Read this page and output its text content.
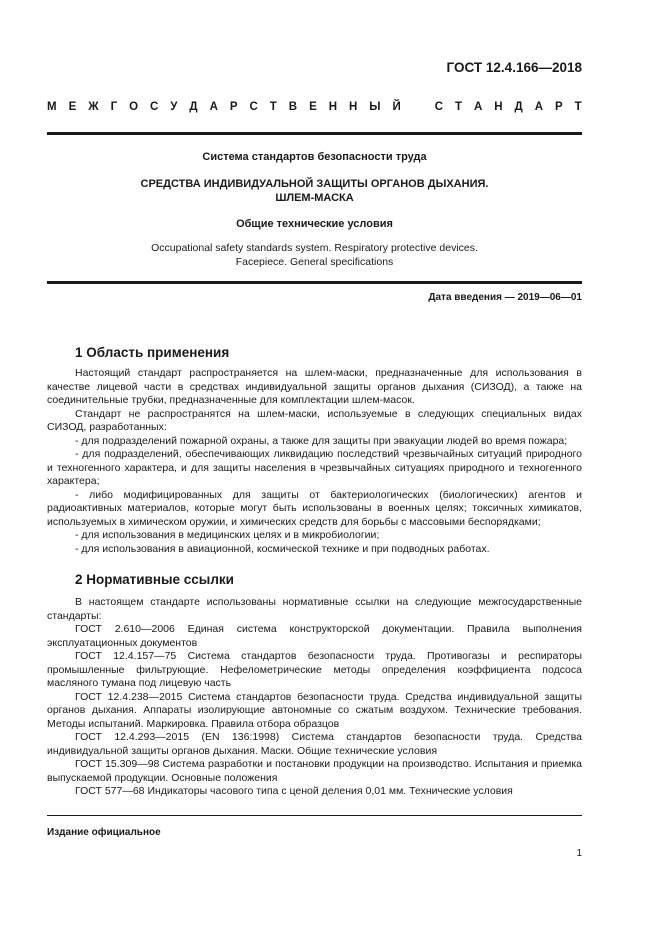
ГОСТ 12.4.166—2018
М Е Ж Г О С У Д А Р С Т В Е Н Н Ы Й	С Т А Н Д А Р Т
Система стандартов безопасности труда
СРЕДСТВА ИНДИВИДУАЛЬНОЙ ЗАЩИТЫ ОРГАНОВ ДЫХАНИЯ.
ШЛЕМ-МАСКА
Общие технические условия
Occupational safety standards system. Respiratory protective devices.
Facepiece. General specifications
Дата введения — 2019—06—01
1 Область применения

Настоящий стандарт распространяется на шлем-маски, предназначенные для использования в качестве лицевой части в средствах индивидуальной защиты органов дыхания (СИЗОД), а также на соединительные трубки, предназначенные для комплектации шлем-масок.

Стандарт не распространятся на шлем-маски, используемые в следующих специальных видах СИЗОД, разработанных:

- для подразделений пожарной охраны, а также для защиты при эвакуации людей во время пожара;

- для подразделений, обеспечивающих ликвидацию последствий чрезвычайных ситуаций природного и техногенного характера, и для защиты населения в чрезвычайных ситуациях природного и техногенного характера;

- либо модифицированных для защиты от бактериологических (биологических) агентов и радиоактивных материалов, которые могут быть использованы в военных целях; токсичных химикатов, используемых в химическом оружии, и химических средств для борьбы с массовыми беспорядками;

- для использования в медицинских целях и в микробиологии;

- для использования в авиационной, космической технике и при подводных работах.

2 Нормативные ссылки

В настоящем стандарте использованы нормативные ссылки на следующие межгосударственные стандарты:

ГОСТ 2.610—2006 Единая система конструкторской документации. Правила выполнения эксплуатационных документов

ГОСТ 12.4.157—75 Система стандартов безопасности труда. Противогазы и респираторы промышленные фильтрующие. Нефелометрические методы определения коэффициента подсоса масляного тумана под лицевую часть

ГОСТ 12.4.238—2015 Система стандартов безопасности труда. Средства индивидуальной защиты органов дыхания. Аппараты изолирующие автономные со сжатым воздухом. Технические требования. Методы испытаний. Маркировка. Правила отбора образцов

ГОСТ 12.4.293—2015 (EN 136:1998) Система стандартов безопасности труда. Средства индивидуальной защиты органов дыхания. Маски. Общие технические условия

ГОСТ 15.309—98 Система разработки и постановки продукции на производство. Испытания и приемка выпускаемой продукции. Основные положения

ГОСТ 577—68 Индикаторы часового типа с ценой деления 0,01 мм. Технические условия

Издание официальное
1
